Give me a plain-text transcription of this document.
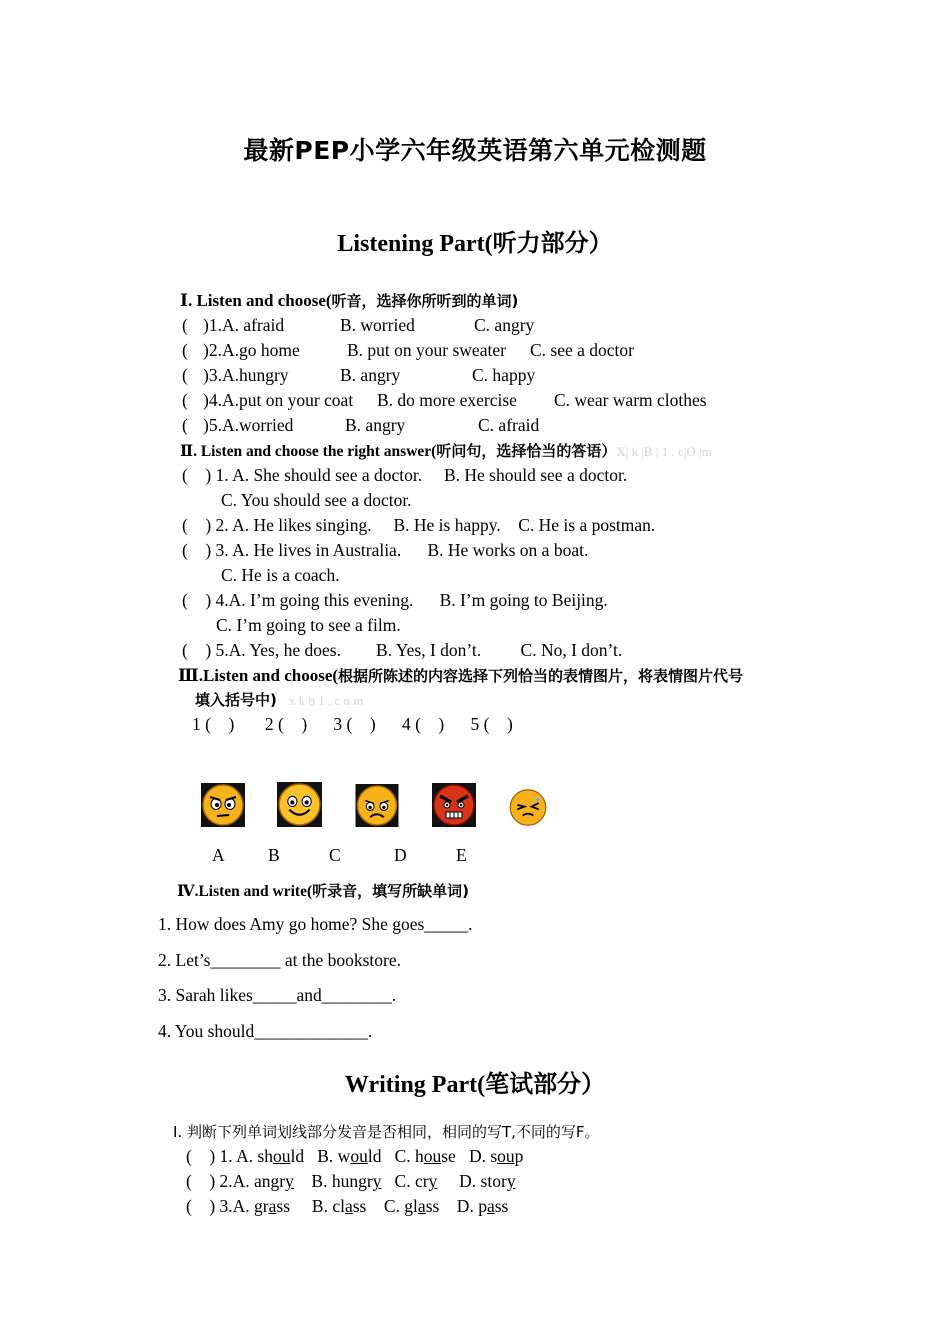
最新PEP小学六年级英语第六单元检测题
Listening Part(听力部分）
Ⅰ. Listen and choose(听音，选择你所听到的单词)
( )1.A. afraid	B. worried	C. angry
( )2.A.go home	B. put on your sweater C. see a doctor
( )3.A.hungry	B. angry	C. happy
( )4.A.put on your coat B. do more exercise C. wear warm clothes
( )5.A.worried	B. angry	C. afraid
Ⅱ. Listen and choose the right answer(听问句，选择恰当的答语）X| k |B | 1 . c|O |m
(    ) 1. A. She should see a doctor.     B. He should see a doctor.
C. You should see a doctor.
(    ) 2. A. He likes singing.     B. He is happy.    C. He is a postman.
(    ) 3. A. He lives in Australia.      B. He works on a boat.
C. He is a coach.
(    ) 4.A. I’m going this evening.      B. I’m going to Beijing.
C. I’m going to see a film.
(    ) 5.A. Yes, he does.        B. Yes, I don’t.         C. No, I don’t.
Ⅲ.Listen and choose(根据所陈述的内容选择下列恰当的表情图片，将表情图片代号
填入括号中) x k b 1 . c o m
1 (    )       2 (    )      3 (    )      4 (    )      5 (    )
A B	C	D	E
Ⅳ.Listen and write(听录音，填写所缺单词)
1. How does Amy go home? She goes_____.
2. Let’s________ at the bookstore.
3. Sarah likes_____and________.
4. You should_____________.
Writing Part(笔试部分）
Ⅰ. 判断下列单词划线部分发音是否相同，相同的写T,不同的写F。
(    ) 1. A. should   B. would   C. house   D. soup
(    ) 2.A. angry    B. hungry   C. cry     D. story
(    ) 3.A. grass     B. class    C. glass    D. pass
